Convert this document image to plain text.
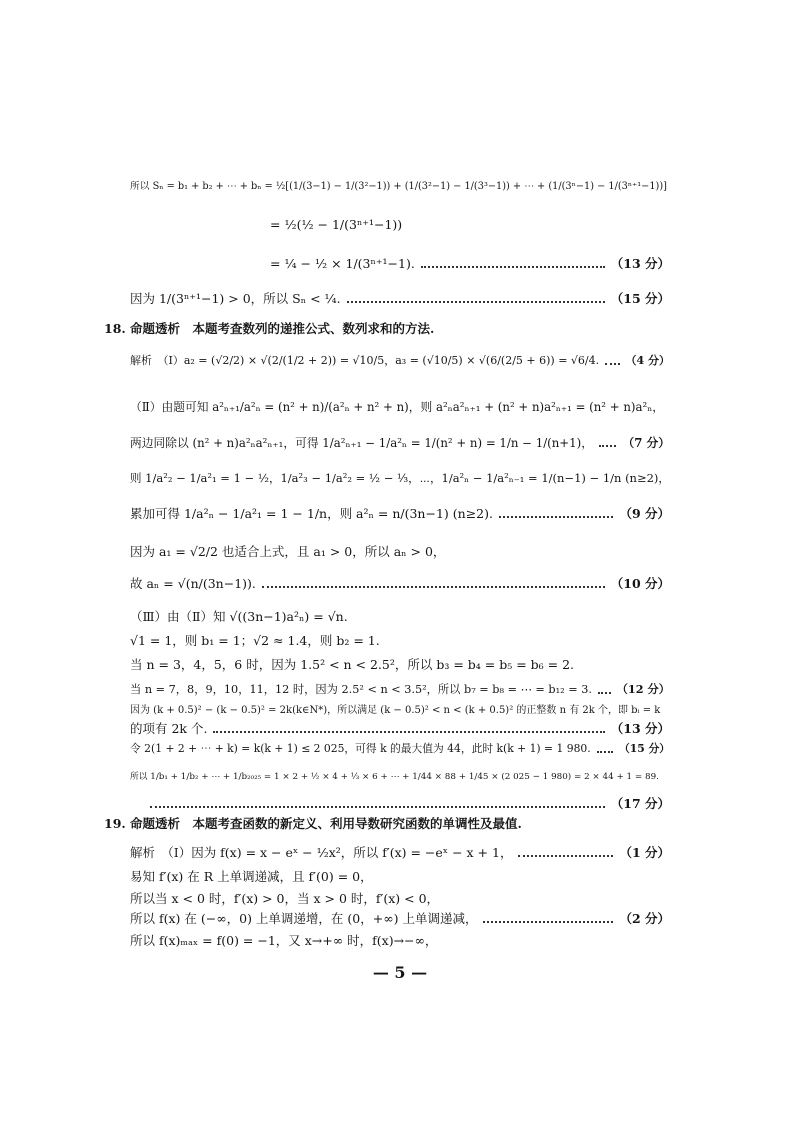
所以 Sₙ = b₁ + b₂ + ⋯ + bₙ = ½[(1/(3−1) − 1/(3²−1)) + (1/(3²−1) − 1/(3³−1)) + ⋯ + (1/(3ⁿ−1) − 1/(3ⁿ⁺¹−1))]
= ½(½ − 1/(3ⁿ⁺¹−1))
= ¼ − ½ × 1/(3ⁿ⁺¹−1).	（13 分）
因为 1/(3ⁿ⁺¹−1) > 0，所以 Sₙ < ¼.	（15 分）
18. 命题透析　本题考查数列的递推公式、数列求和的方法.
解析　（Ⅰ）a₂ = (√2/2) × √(2/(1/2 + 2)) = √10/5，a₃ = (√10/5) × √(6/(2/5 + 6)) = √6/4. （4 分）
（Ⅱ）由题可知 a²ₙ₊₁/a²ₙ = (n² + n)/(a²ₙ + n² + n)，则 a²ₙa²ₙ₊₁ + (n² + n)a²ₙ₊₁ = (n² + n)a²ₙ，
两边同除以 (n² + n)a²ₙa²ₙ₊₁，可得 1/a²ₙ₊₁ − 1/a²ₙ = 1/(n² + n) = 1/n − 1/(n+1)，	（7 分）
则 1/a²₂ − 1/a²₁ = 1 − ½，1/a²₃ − 1/a²₂ = ½ − ⅓，⋯，1/a²ₙ − 1/a²ₙ₋₁ = 1/(n−1) − 1/n (n≥2)，
累加可得 1/a²ₙ − 1/a²₁ = 1 − 1/n，则 a²ₙ = n/(3n−1) (n≥2).	（9 分）
因为 a₁ = √2/2 也适合上式，且 a₁ > 0，所以 aₙ > 0，
故 aₙ = √(n/(3n−1)).	（10 分）
（Ⅲ）由（Ⅱ）知 √((3n−1)a²ₙ) = √n.
√1 = 1，则 b₁ = 1；√2 ≈ 1.4，则 b₂ = 1.
当 n = 3，4，5，6 时，因为 1.5² < n < 2.5²，所以 b₃ = b₄ = b₅ = b₆ = 2.
当 n = 7，8，9，10，11，12 时，因为 2.5² < n < 3.5²，所以 b₇ = b₈ = ⋯ = b₁₂ = 3. （12 分）
因为 (k + 0.5)² − (k − 0.5)² = 2k(k∈N*)，所以满足 (k − 0.5)² < n < (k + 0.5)² 的正整数 n 有 2k 个，即 bᵢ = k
的项有 2k 个.	（13 分）
令 2(1 + 2 + ⋯ + k) = k(k + 1) ≤ 2 025，可得 k 的最大值为 44，此时 k(k + 1) = 1 980.	（15 分）
所以 1/b₁ + 1/b₂ + ⋯ + 1/b₂₀₂₅ = 1 × 2 + ½ × 4 + ⅓ × 6 + ⋯ + 1/44 × 88 + 1/45 × (2 025 − 1 980) = 2 × 44 + 1 = 89.
（17 分）
19. 命题透析　本题考查函数的新定义、利用导数研究函数的单调性及最值.
解析　（Ⅰ）因为 f(x) = x − eˣ − ½x²，所以 f′(x) = −eˣ − x + 1，	（1 分）
易知 f′(x) 在 R 上单调递减，且 f′(0) = 0，
所以当 x < 0 时，f′(x) > 0，当 x > 0 时，f′(x) < 0，
所以 f(x) 在 (−∞，0) 上单调递增，在 (0，+∞) 上单调递减，	（2 分）
所以 f(x)ₘₐₓ = f(0) = −1，又 x→+∞ 时，f(x)→−∞，
— 5 —
